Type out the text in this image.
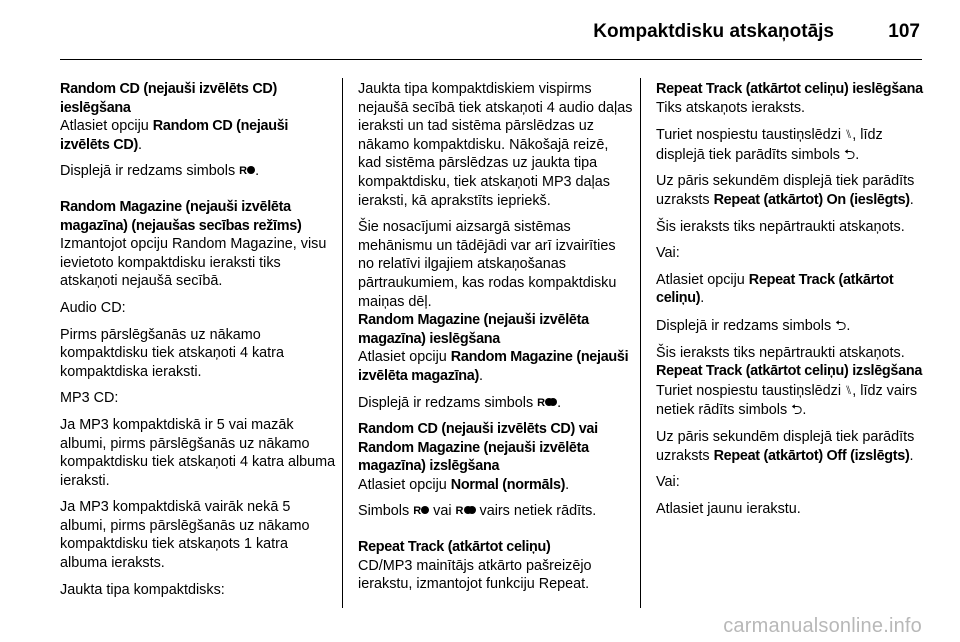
Kompaktdisku atskaņotājs	107
Random CD (nejauši izvēlēts CD) ieslēgšana
Atlasiet opciju Random CD (nejauši izvēlēts CD).
Displejā ir redzams simbols R .
Random Magazine (nejauši izvēlēta magazīna) (nejaušas secības režīms)
Izmantojot opciju Random Magazine, visu ievietoto kompaktdisku ieraksti tiks atskaņoti nejaušā secībā.
Audio CD:
Pirms pārslēgšanās uz nākamo kompaktdisku tiek atskaņoti 4 katra kompaktdiska ieraksti.
MP3 CD:
Ja MP3 kompaktdiskā ir 5 vai mazāk albumi, pirms pārslēgšanās uz nākamo kompaktdisku tiek atskaņoti 4 katra albuma ieraksti.
Ja MP3 kompaktdiskā vairāk nekā 5 albumi, pirms pārslēgšanās uz nākamo kompaktdisku tiek atskaņots 1 katra albuma ieraksts.
Jaukta tipa kompaktdisks:
Jaukta tipa kompaktdiskiem vispirms nejaušā secībā tiek atskaņoti 4 audio daļas ieraksti un tad sistēma pārslēdzas uz nākamo kompaktdisku. Nākošajā reizē, kad sistēma pārslēdzas uz jaukta tipa kompaktdisku, tiek atskaņoti MP3 daļas ieraksti, kā aprakstīts iepriekš.
Šie nosacījumi aizsargā sistēmas mehānismu un tādējādi var arī izvairīties no relatīvi ilgajiem atskaņošanas pārtraukumiem, kas rodas kompaktdisku maiņas dēļ.
Random Magazine (nejauši izvēlēta magazīna) ieslēgšana
Atlasiet opciju Random Magazine (nejauši izvēlēta magazīna).
Displejā ir redzams simbols R .
Random CD (nejauši izvēlēts CD) vai Random Magazine (nejauši izvēlēta magazīna) izslēgšana
Atlasiet opciju Normal (normāls).
Simbols R vai R vairs netiek rādīts.
Repeat Track (atkārtot celiņu)
CD/MP3 mainītājs atkārto pašreizējo ierakstu, izmantojot funkciju Repeat.
Repeat Track (atkārtot celiņu) ieslēgšana
Tiks atskaņots ieraksts.
Turiet nospiestu taustiņslēdzi ⑊, līdz displejā tiek parādīts simbols ⮌.
Uz pāris sekundēm displejā tiek parādīts uzraksts Repeat (atkārtot) On (ieslēgts).
Šis ieraksts tiks nepārtraukti atskaņots.
Vai:
Atlasiet opciju Repeat Track (atkārtot celiņu).
Displejā ir redzams simbols ⮌.
Šis ieraksts tiks nepārtraukti atskaņots.
Repeat Track (atkārtot celiņu) izslēgšana
Turiet nospiestu taustiņslēdzi ⑊, līdz vairs netiek rādīts simbols ⮌.
Uz pāris sekundēm displejā tiek parādīts uzraksts Repeat (atkārtot) Off (izslēgts).
Vai:
Atlasiet jaunu ierakstu.
carmanualsonline.info
